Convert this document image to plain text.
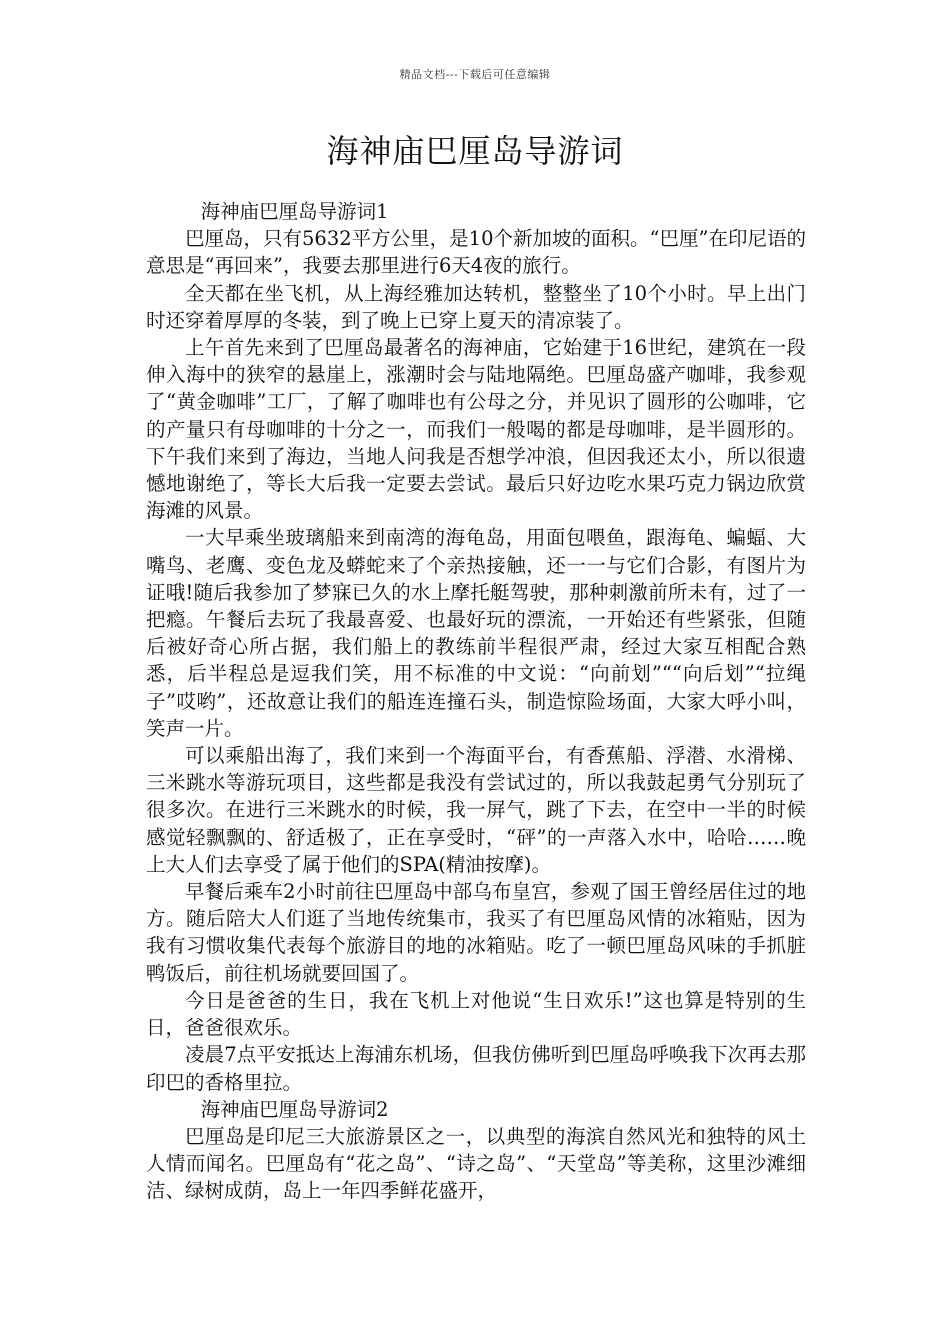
精品文档---下载后可任意编辑
海神庙巴厘岛导游词

海神庙巴厘岛导游词1

巴厘岛，只有5632平方公里，是10个新加坡的面积。“巴厘”在印尼语的意思是“再回来”，我要去那里进行6天4夜的旅行。

全天都在坐飞机，从上海经雅加达转机，整整坐了10个小时。早上出门时还穿着厚厚的冬装，到了晚上已穿上夏天的清凉装了。

上午首先来到了巴厘岛最著名的海神庙，它始建于16世纪，建筑在一段伸入海中的狭窄的悬崖上，涨潮时会与陆地隔绝。巴厘岛盛产咖啡，我参观了“黄金咖啡”工厂，了解了咖啡也有公母之分，并见识了圆形的公咖啡，它的产量只有母咖啡的十分之一，而我们一般喝的都是母咖啡，是半圆形的。下午我们来到了海边，当地人问我是否想学冲浪，但因我还太小，所以很遗憾地谢绝了，等长大后我一定要去尝试。最后只好边吃水果巧克力锅边欣赏海滩的风景。

一大早乘坐玻璃船来到南湾的海龟岛，用面包喂鱼，跟海龟、蝙蝠、大嘴鸟、老鹰、变色龙及蟒蛇来了个亲热接触，还一一与它们合影，有图片为证哦!随后我参加了梦寐已久的水上摩托艇驾驶，那种刺激前所未有，过了一把瘾。午餐后去玩了我最喜爱、也最好玩的漂流，一开始还有些紧张，但随后被好奇心所占据，我们船上的教练前半程很严肃，经过大家互相配合熟悉，后半程总是逗我们笑，用不标准的中文说：“向前划”““向后划”“拉绳子”哎哟”，还故意让我们的船连连撞石头，制造惊险场面，大家大呼小叫，笑声一片。

可以乘船出海了，我们来到一个海面平台，有香蕉船、浮潜、水滑梯、三米跳水等游玩项目，这些都是我没有尝试过的，所以我鼓起勇气分别玩了很多次。在进行三米跳水的时候，我一屏气，跳了下去，在空中一半的时候感觉轻飘飘的、舒适极了，正在享受时，“砰”的一声落入水中，哈哈……晚上大人们去享受了属于他们的SPA(精油按摩)。

早餐后乘车2小时前往巴厘岛中部乌布皇宫，参观了国王曾经居住过的地方。随后陪大人们逛了当地传统集市，我买了有巴厘岛风情的冰箱贴，因为我有习惯收集代表每个旅游目的地的冰箱贴。吃了一顿巴厘岛风味的手抓脏鸭饭后，前往机场就要回国了。

今日是爸爸的生日，我在飞机上对他说“生日欢乐!”这也算是特别的生日，爸爸很欢乐。

凌晨7点平安抵达上海浦东机场，但我仿佛听到巴厘岛呼唤我下次再去那印巴的香格里拉。

海神庙巴厘岛导游词2

巴厘岛是印尼三大旅游景区之一，以典型的海滨自然风光和独特的风土人情而闻名。巴厘岛有“花之岛”、“诗之岛”、“天堂岛”等美称，这里沙滩细洁、绿树成荫，岛上一年四季鲜花盛开，
